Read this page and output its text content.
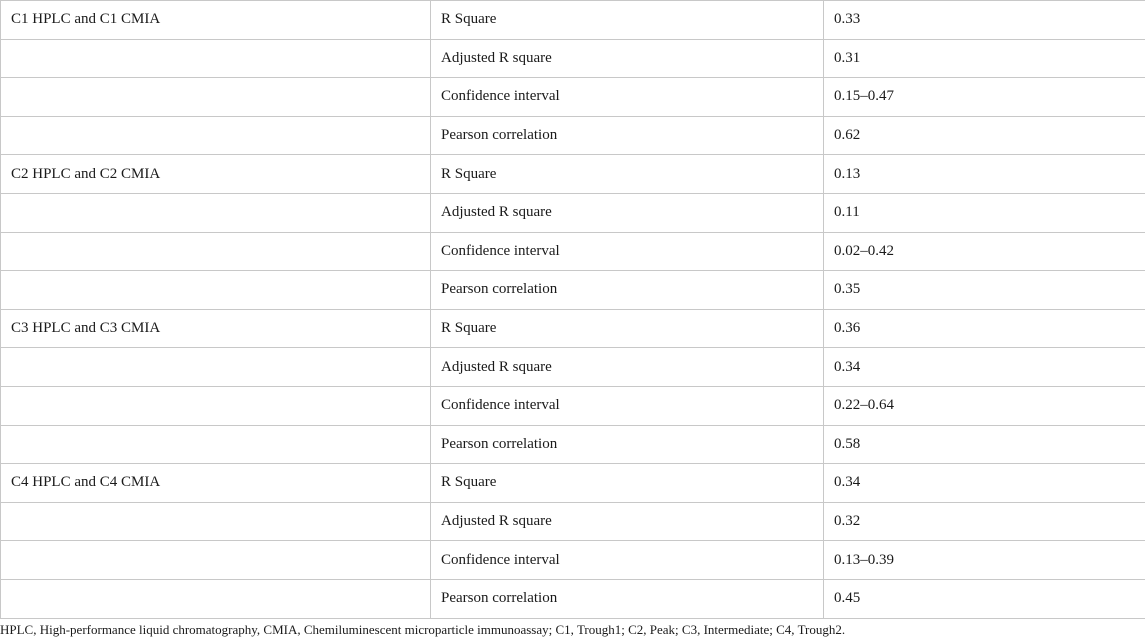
C1 HPLC and C1 CMIA	R Square	0.33
	Adjusted R square	0.31
	Confidence interval	0.15–0.47
	Pearson correlation	0.62
C2 HPLC and C2 CMIA	R Square	0.13
	Adjusted R square	0.11
	Confidence interval	0.02–0.42
	Pearson correlation	0.35
C3 HPLC and C3 CMIA	R Square	0.36
	Adjusted R square	0.34
	Confidence interval	0.22–0.64
	Pearson correlation	0.58
C4 HPLC and C4 CMIA	R Square	0.34
	Adjusted R square	0.32
	Confidence interval	0.13–0.39
	Pearson correlation	0.45
HPLC, High-performance liquid chromatography, CMIA, Chemiluminescent microparticle immunoassay; C1, Trough1; C2, Peak; C3, Intermediate; C4, Trough2.
